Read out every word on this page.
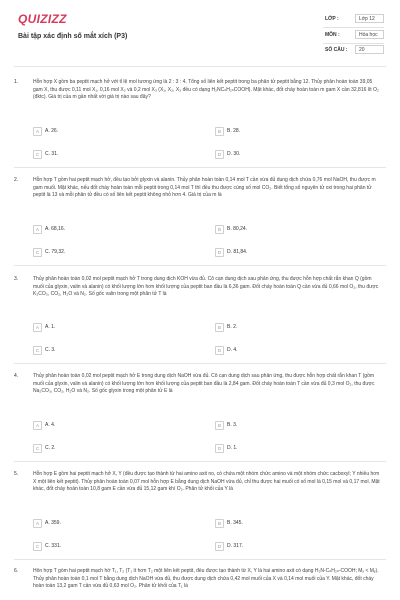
QUIZIZZ
Bài tập xác định số mắt xích (P3)
LỚP :	Lớp 12
MÔN :	Hóa học
SỐ CÂU :	20
1.	Hỗn hợp X gồm ba peptit mạch hở với tỉ lệ mol tương ứng là 2 : 3 : 4. Tổng số liên kết peptit trong ba phân tử peptit bằng 12. Thủy phân hoàn toàn 39,05 gam X, thu được 0,11 mol X₁, 0,16 mol X₂ và 0,2 mol X₃ (X₁, X₂, X₃ đều có dạng H₂NCₙH₂ₙCOOH). Mặt khác, đốt cháy hoàn toàn m gam X cần 32,816 lít O₂ (đktc). Giá trị của m gần nhất với giá trị nào sau đây?
A	A. 26.	B	B. 28.
C	C. 31.	D	D. 30.
2.	Hỗn hợp T gồm hai peptit mạch hở, đều tạo bởi glyxin và alanin. Thủy phân hoàn toàn 0,14 mol T cần vừa đủ dung dịch chứa 0,76 mol NaOH, thu được m gam muối. Mặt khác, nếu đốt cháy hoàn toàn mỗi peptit trong 0,14 mol T thì đều thu được cùng số mol CO₂. Biết tổng số nguyên tử oxi trong hai phân tử peptit là 13 và mỗi phân tử đều có số liên kết peptit không nhỏ hơn 4. Giá trị của m là
A	A. 68,16.	B	B. 80,24.
C	C. 79,32.	D	D. 81,84.
3.	Thủy phân hoàn toàn 0,02 mol peptit mạch hở T trong dung dịch KOH vừa đủ. Cô cạn dung dịch sau phản ứng, thu được hỗn hợp chất rắn khan Q (gồm muối của glyxin, valin và alanin) có khối lượng lớn hơn khối lượng của peptit ban đầu là 6,36 gam. Đốt cháy hoàn toàn Q cần vừa đủ 0,66 mol O₂, thu được K₂CO₃, CO₂, H₂O và N₂. Số gốc valin trong một phân tử T là
A	A. 1.	B	B. 2.
C	C. 3.	D	D. 4.
4.	Thủy phân hoàn toàn 0,02 mol peptit mạch hở E trong dung dịch NaOH vừa đủ. Cô cạn dung dịch sau phản ứng, thu được hỗn hợp chất rắn khan T (gồm muối của glyxin, valin và alanin) có khối lượng lớn hơn khối lượng của peptit ban đầu là 2,84 gam. Đốt cháy hoàn toàn T cần vừa đủ 0,3 mol O₂, thu được Na₂CO₃, CO₂, H₂O và N₂. Số gốc glyxin trong một phân tử E là
A	A. 4.	B	B. 3.
C	C. 2.	D	D. 1.
5.	Hỗn hợp E gồm hai peptit mạch hở X, Y (đều được tạo thành từ hai amino axit no, có chứa một nhóm chức amino và một nhóm chức cacboxyl; Y nhiều hơn X một liên kết peptit). Thủy phân hoàn toàn 0,07 mol hỗn hợp E bằng dung dịch NaOH vừa đủ, chỉ thu được hai muối có số mol là 0,15 mol và 0,17 mol. Mặt khác, đốt cháy hoàn toàn 10,8 gam E cần vừa đủ 15,12 gam khí O₂. Phân tử khối của Y là
A	A. 359.	B	B. 345.
C	C. 331.	D	D. 317.
6.	Hỗn hợp T gồm hai peptit mạch hở T₁, T₂ (T₁ ít hơn T₂ một liên kết peptit, đều được tạo thành từ X, Y là hai amino axit có dạng H₂N-CₙH₂ₙ-COOH; Mₓ < Mᵧ). Thủy phân hoàn toàn 0,1 mol T bằng dung dịch NaOH vừa đủ, thu được dung dịch chứa 0,42 mol muối của X và 0,14 mol muối của Y. Mặt khác, đốt cháy hoàn toàn 13,2 gam T cần vừa đủ 0,63 mol O₂. Phân tử khối của T₁ là
